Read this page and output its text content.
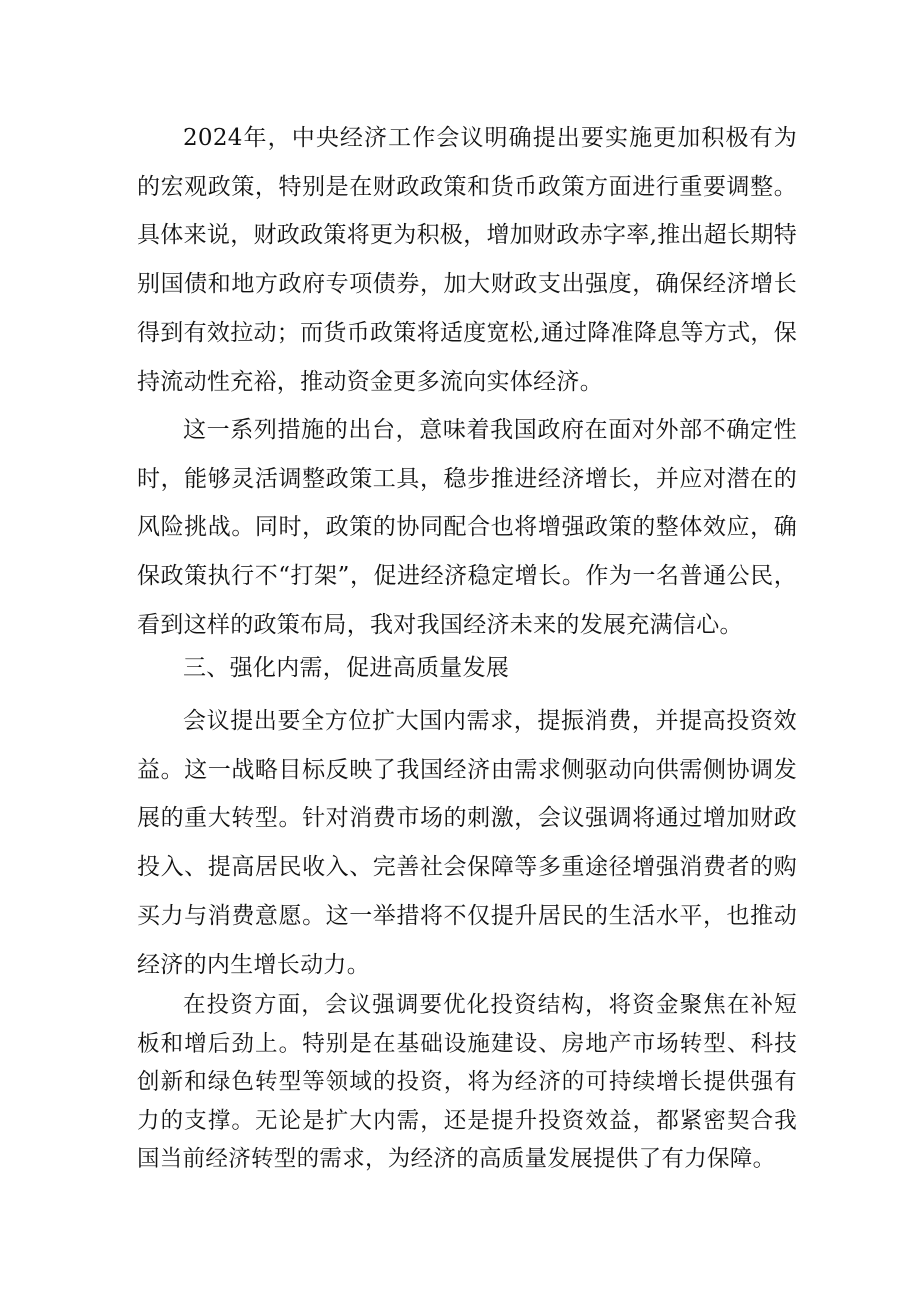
2024年，中央经济工作会议明确提出要实施更加积极有为的宏观政策，特别是在财政政策和货币政策方面进行重要调整。具体来说，财政政策将更为积极，增加财政赤字率,推出超长期特别国债和地方政府专项债券，加大财政支出强度，确保经济增长得到有效拉动；而货币政策将适度宽松,通过降准降息等方式，保持流动性充裕，推动资金更多流向实体经济。

这一系列措施的出台，意味着我国政府在面对外部不确定性时，能够灵活调整政策工具，稳步推进经济增长，并应对潜在的风险挑战。同时，政策的协同配合也将增强政策的整体效应，确保政策执行不“打架”，促进经济稳定增长。作为一名普通公民，看到这样的政策布局，我对我国经济未来的发展充满信心。

三、强化内需，促进高质量发展

会议提出要全方位扩大国内需求，提振消费，并提高投资效益。这一战略目标反映了我国经济由需求侧驱动向供需侧协调发展的重大转型。针对消费市场的刺激，会议强调将通过增加财政投入、提高居民收入、完善社会保障等多重途径增强消费者的购买力与消费意愿。这一举措将不仅提升居民的生活水平，也推动经济的内生增长动力。

在投资方面，会议强调要优化投资结构，将资金聚焦在补短板和增后劲上。特别是在基础设施建设、房地产市场转型、科技创新和绿色转型等领域的投资，将为经济的可持续增长提供强有力的支撑。无论是扩大内需，还是提升投资效益，都紧密契合我国当前经济转型的需求，为经济的高质量发展提供了有力保障。
